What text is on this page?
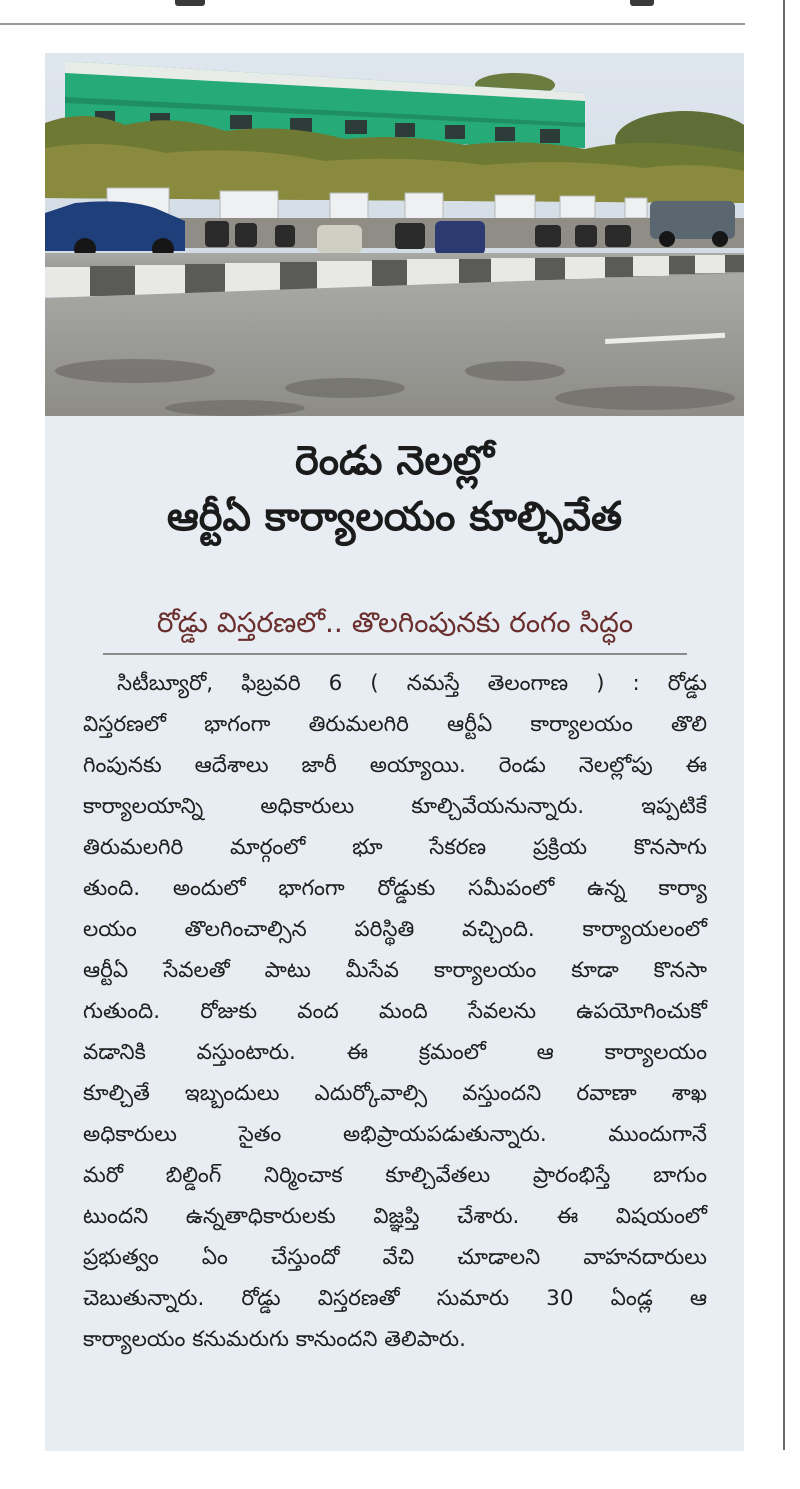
రెండు నెలల్లో
ఆర్టీఏ కార్యాలయం కూల్చివేత
రోడ్డు విస్తరణలో.. తొలగింపునకు రంగం సిద్ధం
సిటీబ్యూరో, ఫిబ్రవరి 6 ( నమస్తే తెలంగాణ ) : రోడ్డు
విస్తరణలో భాగంగా తిరుమలగిరి ఆర్టీఏ కార్యాలయం తొలి
గింపునకు ఆదేశాలు జారీ అయ్యాయి. రెండు నెలల్లోపు ఈ
కార్యాలయాన్ని అధికారులు కూల్చివేయనున్నారు. ఇప్పటికే
తిరుమలగిరి మార్గంలో భూ సేకరణ ప్రక్రియ కొనసాగు
తుంది. అందులో భాగంగా రోడ్డుకు సమీపంలో ఉన్న కార్యా
లయం తొలగించాల్సిన పరిస్థితి వచ్చింది. కార్యాయలంలో
ఆర్టీఏ సేవలతో పాటు మీసేవ కార్యాలయం కూడా కొనసా
గుతుంది. రోజుకు వంద మంది సేవలను ఉపయోగించుకో
వడానికి వస్తుంటారు. ఈ క్రమంలో ఆ కార్యాలయం
కూల్చితే ఇబ్బందులు ఎదుర్కోవాల్సి వస్తుందని రవాణా శాఖ
అధికారులు సైతం అభిప్రాయపడుతున్నారు. ముందుగానే
మరో బిల్డింగ్ నిర్మించాక కూల్చివేతలు ప్రారంభిస్తే బాగుం
టుందని ఉన్నతాధికారులకు విజ్ఞప్తి చేశారు. ఈ విషయంలో
ప్రభుత్వం ఏం చేస్తుందో వేచి చూడాలని వాహనదారులు
చెబుతున్నారు. రోడ్డు విస్తరణతో సుమారు 30 ఏండ్ల ఆ
కార్యాలయం కనుమరుగు కానుందని తెలిపారు.
